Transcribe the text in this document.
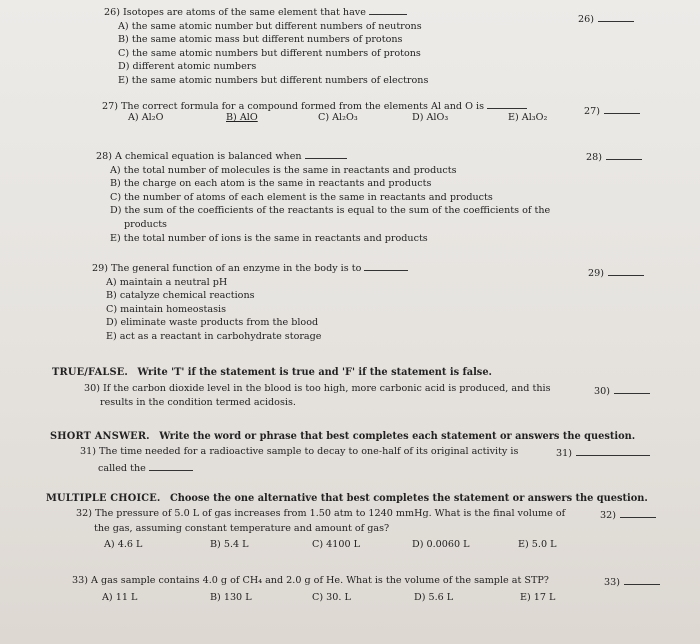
26) Isotopes are atoms of the same element that have
A) the same atomic number but different numbers of neutrons
B) the same atomic mass but different numbers of protons
C) the same atomic numbers but different numbers of protons
D) different atomic numbers
E) the same atomic numbers but different numbers of electrons
26)
27) The correct formula for a compound formed from the elements Al and O is
A) Al₂O	B) AlO	C) Al₂O₃	D) AlO₃	E) Al₃O₂
27)
28) A chemical equation is balanced when
A) the total number of molecules is the same in reactants and products
B) the charge on each atom is the same in reactants and products
C) the number of atoms of each element is the same in reactants and products
D) the sum of the coefficients of the reactants is equal to the sum of the coefficients of the
products
E) the total number of ions is the same in reactants and products
28)
29) The general function of an enzyme in the body is to
A) maintain a neutral pH
B) catalyze chemical reactions
C) maintain homeostasis
D) eliminate waste products from the blood
E) act as a reactant in carbohydrate storage
29)
TRUE/FALSE. Write 'T' if the statement is true and 'F' if the statement is false.
30) If the carbon dioxide level in the blood is too high, more carbonic acid is produced, and this
results in the condition termed acidosis.
30)
SHORT ANSWER. Write the word or phrase that best completes each statement or answers the question.
31) The time needed for a radioactive sample to decay to one-half of its original activity is
called the
31)
MULTIPLE CHOICE. Choose the one alternative that best completes the statement or answers the question.
32) The pressure of 5.0 L of gas increases from 1.50 atm to 1240 mmHg. What is the final volume of
the gas, assuming constant temperature and amount of gas?
A) 4.6 L	B) 5.4 L	C) 4100 L	D) 0.0060 L	E) 5.0 L
32)
33) A gas sample contains 4.0 g of CH₄ and 2.0 g of He. What is the volume of the sample at STP?
A) 11 L	B) 130 L	C) 30. L	D) 5.6 L	E) 17 L
33)
